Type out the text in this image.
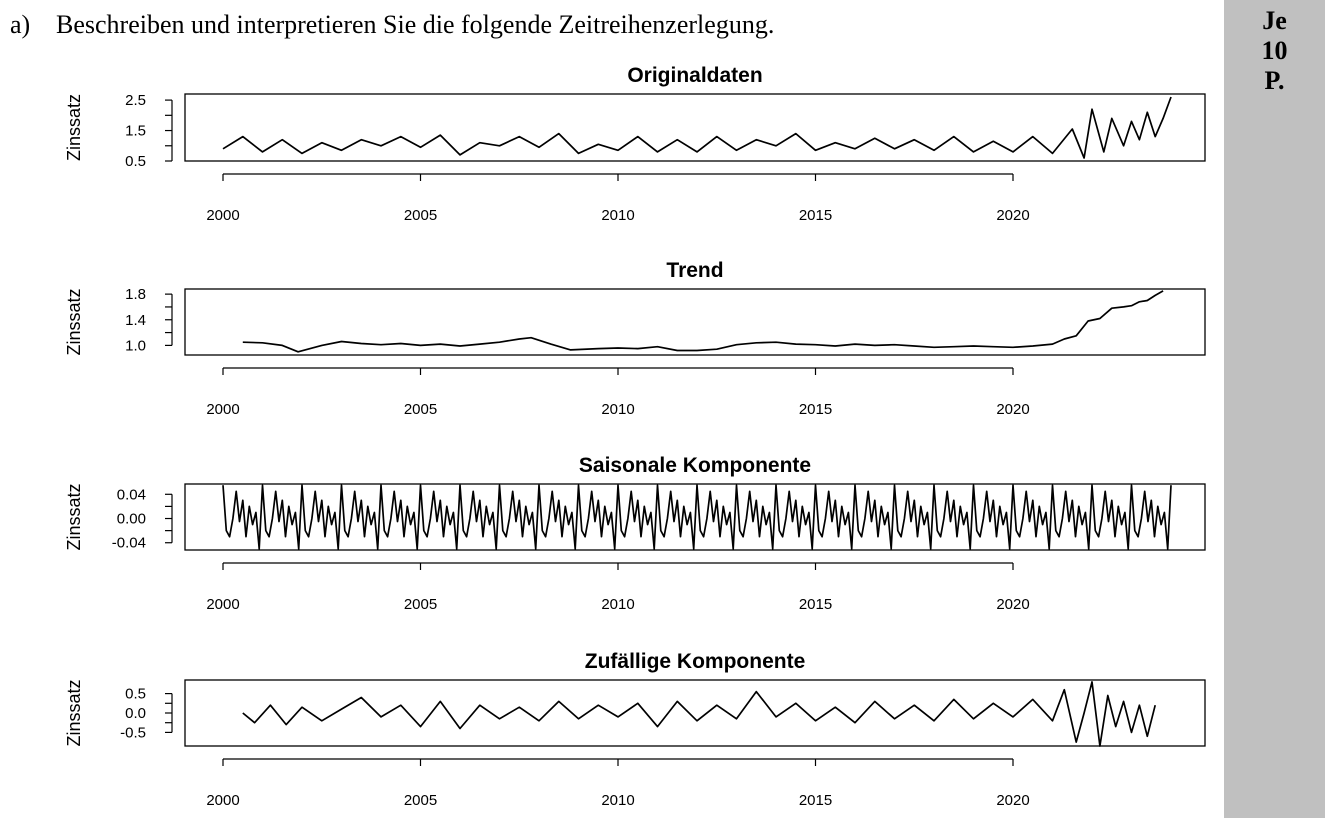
a) Beschreiben und interpretieren Sie die folgende Zeitreihenzerlegung.	Je
10
P.
Originaldaten
Zinssatz
0.5
1.5
2.5
2000	2005	2010	2015	2020
Trend
Zinssatz	1.0
1.4
1.8
2000	2005	2010	2015	2020
Saisonale Komponente
Zinssatz -0.04
0.00
0.04
2000	2005	2010	2015	2020
Zufällige Komponente
Zinssatz -0.5
0.0
0.5
2000	2005	2010	2015	2020
